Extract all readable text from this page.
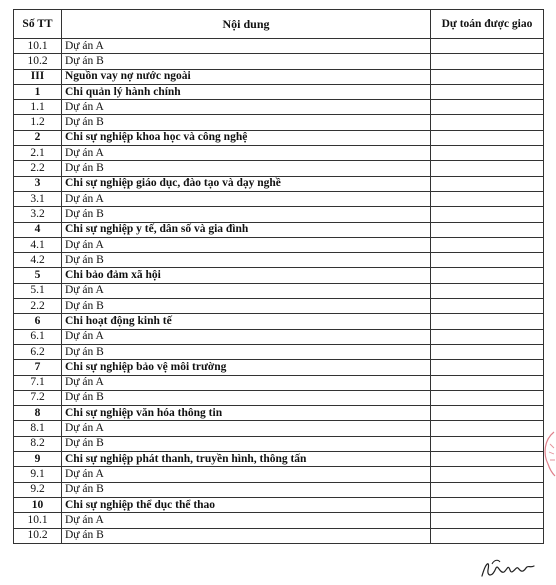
Số TT	Nội dung	Dự toán được giao
10.1	Dự án A	
10.2	Dự án B	
III	Nguồn vay nợ nước ngoài	
1	Chi quản lý hành chính	
1.1	Dự án A	
1.2	Dự án B	
2	Chi sự nghiệp khoa học và công nghệ	
2.1	Dự án A	
2.2	Dự án B	
3	Chi sự nghiệp giáo dục, đào tạo và dạy nghề	
3.1	Dự án A	
3.2	Dự án B	
4	Chi sự nghiệp y tế, dân số và gia đình	
4.1	Dự án A	
4.2	Dự án B	
5	Chi bảo đảm xã hội	
5.1	Dự án A	
2.2	Dự án B	
6	Chi hoạt động kinh tế	
6.1	Dự án A	
6.2	Dự án B	
7	Chi sự nghiệp bảo vệ môi trường	
7.1	Dự án A	
7.2	Dự án B	
8	Chi sự nghiệp văn hóa thông tin	
8.1	Dự án A	
8.2	Dự án B	
9	Chi sự nghiệp phát thanh, truyền hình, thông tấn	
9.1	Dự án A	
9.2	Dự án B	
10	Chi sự nghiệp thể dục thể thao	
10.1	Dự án A	
10.2	Dự án B	
